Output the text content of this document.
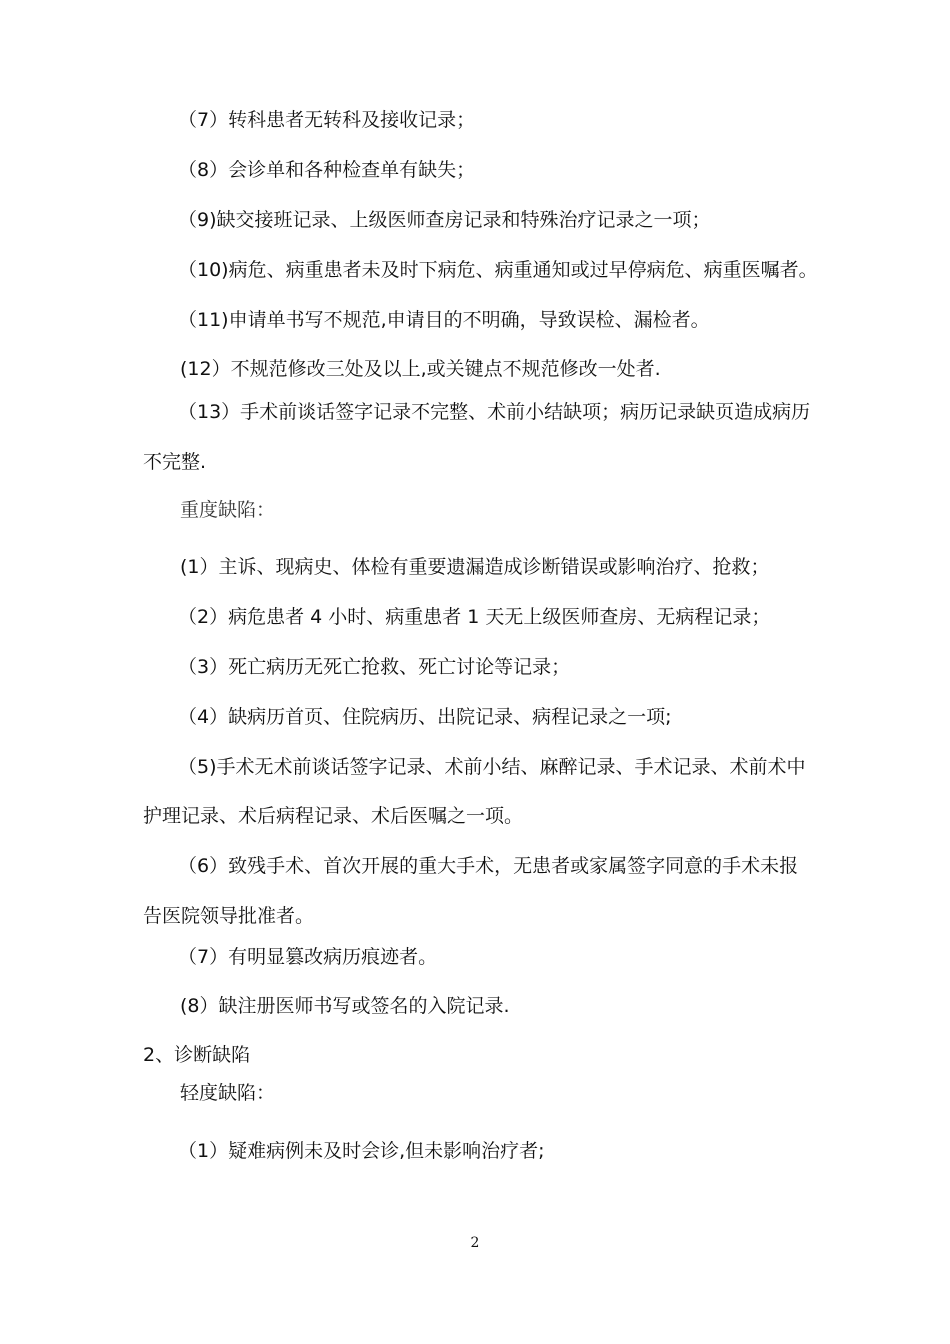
（7）转科患者无转科及接收记录；
（8）会诊单和各种检查单有缺失；
（9)缺交接班记录、上级医师查房记录和特殊治疗记录之一项；
（10)病危、病重患者未及时下病危、病重通知或过早停病危、病重医嘱者。
（11)申请单书写不规范,申请目的不明确，导致误检、漏检者。
(12）不规范修改三处及以上,或关键点不规范修改一处者.
（13）手术前谈话签字记录不完整、术前小结缺项；病历记录缺页造成病历
不完整.
重度缺陷：
(1）主诉、现病史、体检有重要遗漏造成诊断错误或影响治疗、抢救；
（2）病危患者 4 小时、病重患者 1 天无上级医师查房、无病程记录；
（3）死亡病历无死亡抢救、死亡讨论等记录；
（4）缺病历首页、住院病历、出院记录、病程记录之一项;
（5)手术无术前谈话签字记录、术前小结、麻醉记录、手术记录、术前术中
护理记录、术后病程记录、术后医嘱之一项。
（6）致残手术、首次开展的重大手术，无患者或家属签字同意的手术未报
告医院领导批准者。
（7）有明显篡改病历痕迹者。
(8）缺注册医师书写或签名的入院记录.
2、诊断缺陷
轻度缺陷：
（1）疑难病例未及时会诊,但未影响治疗者;
2
